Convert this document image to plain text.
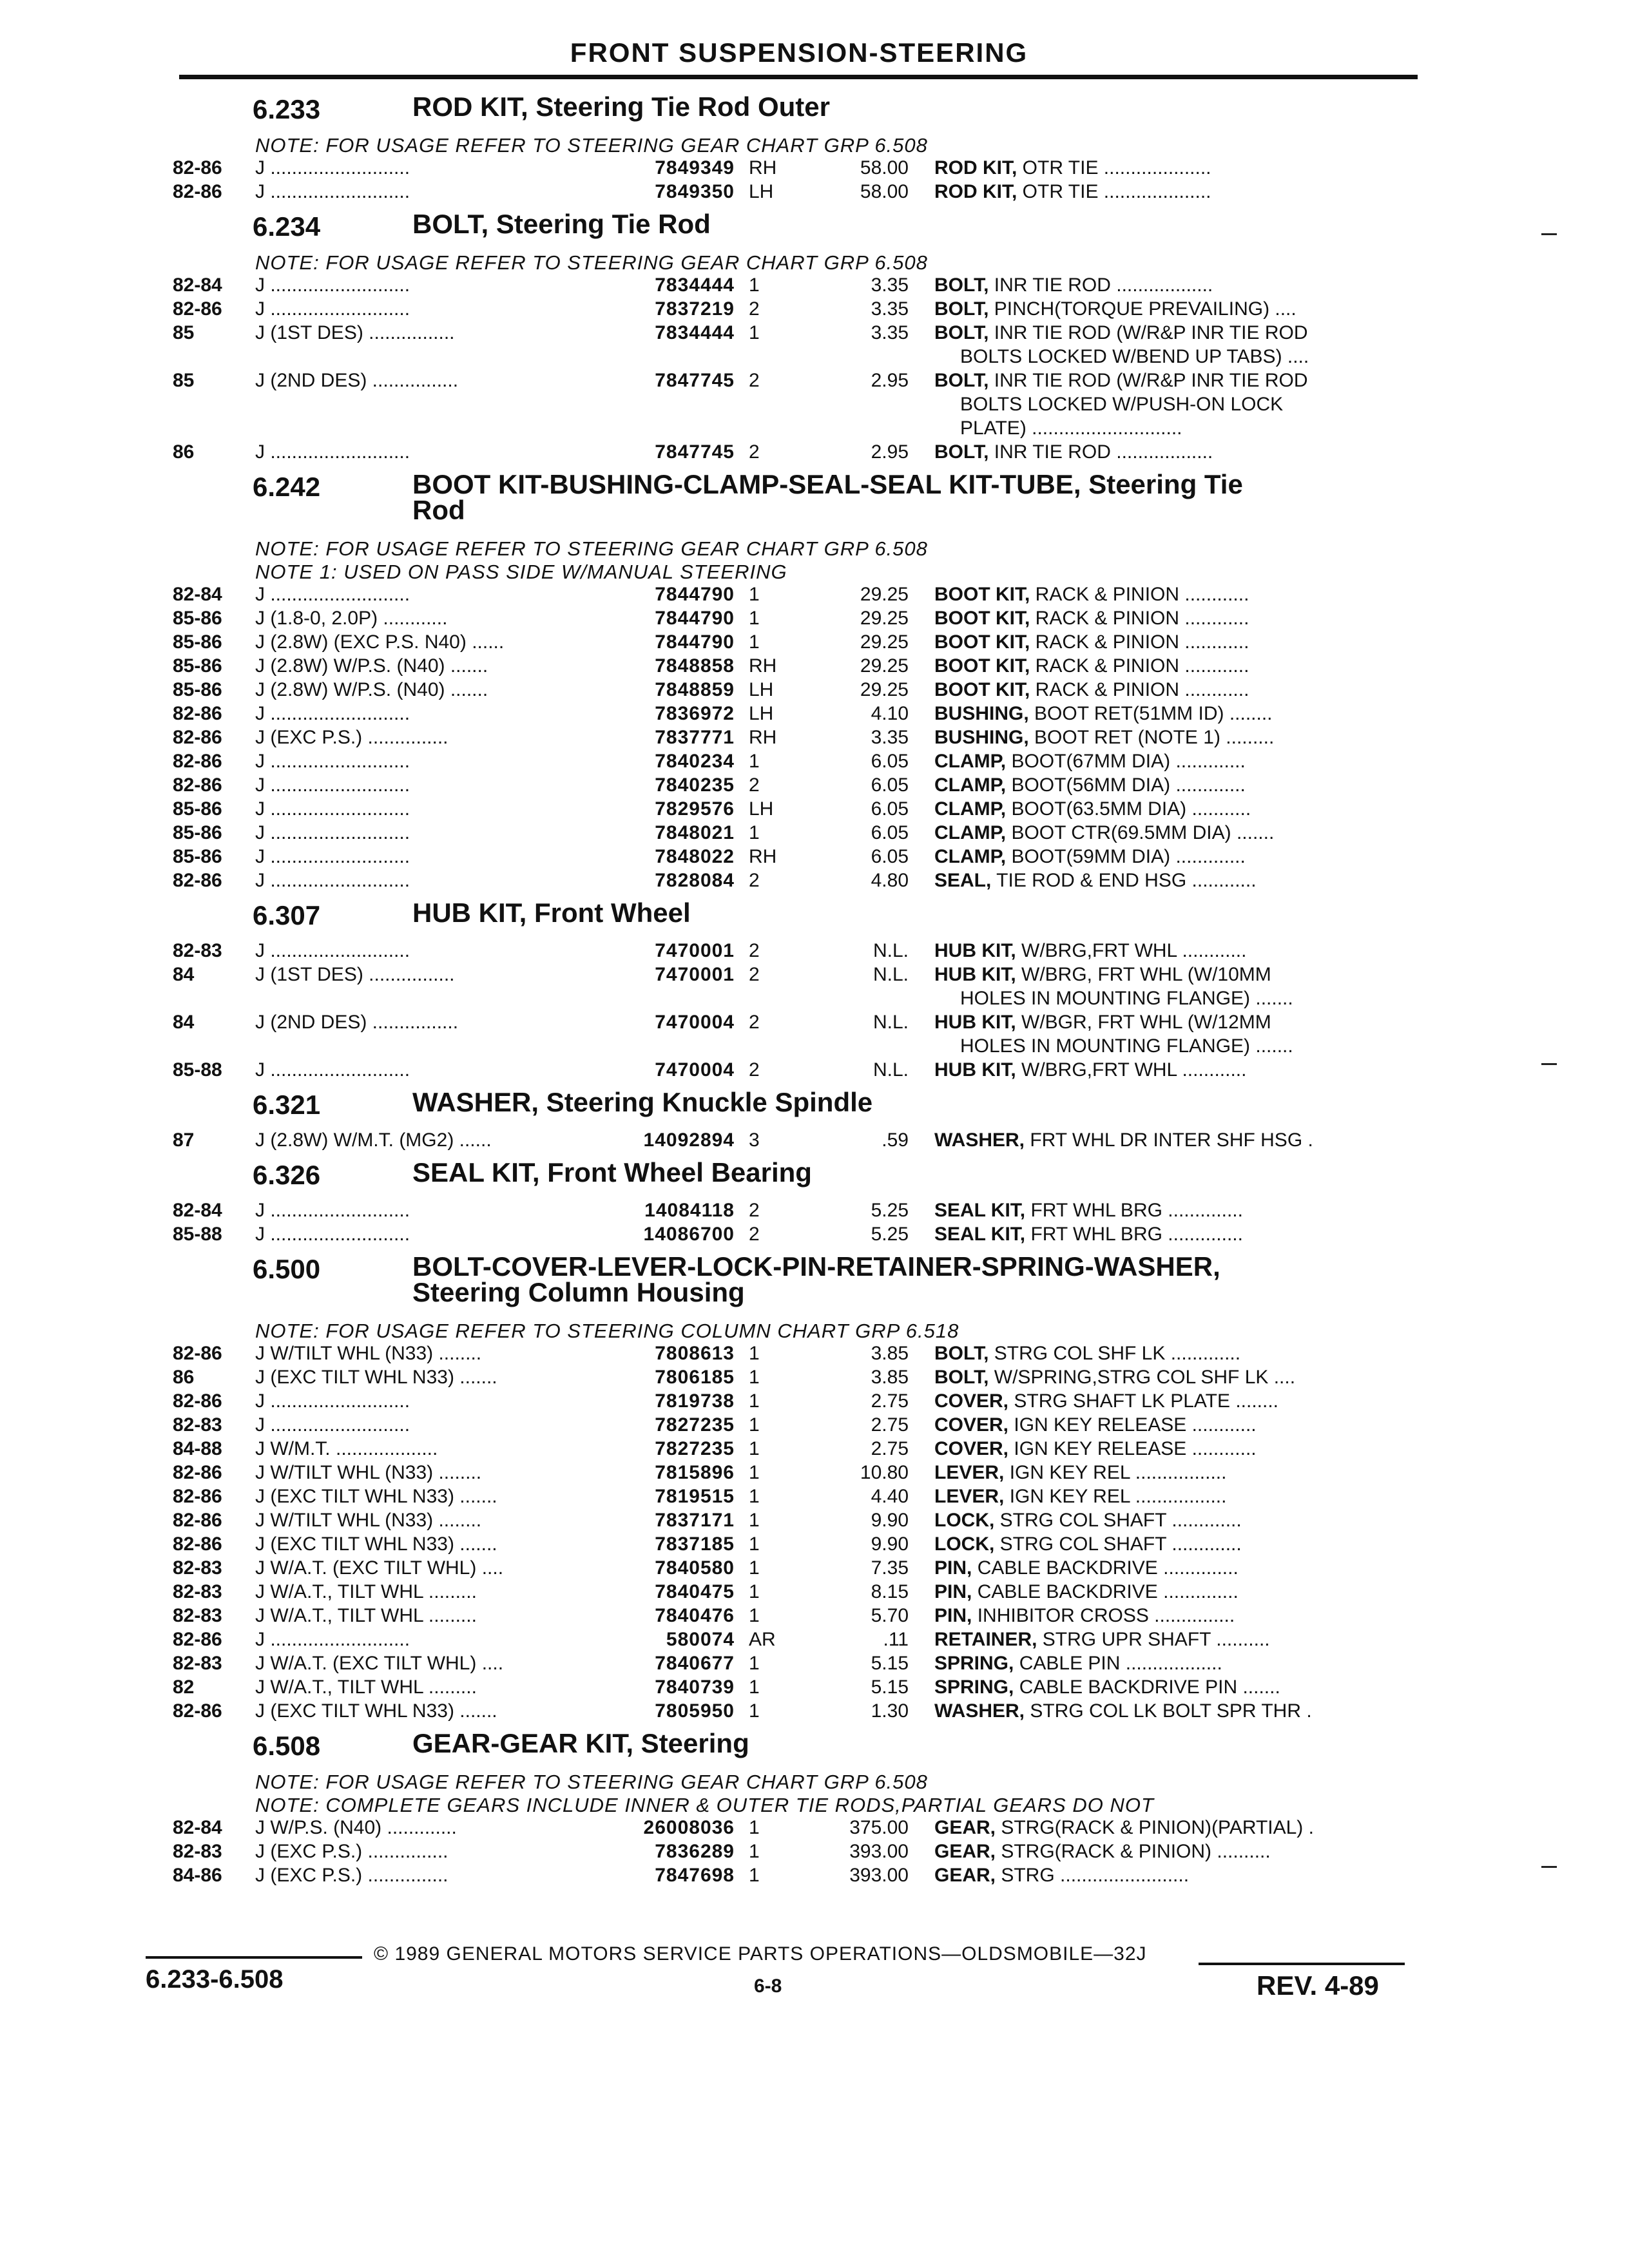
FRONT SUSPENSION-STEERING
6.233	ROD KIT, Steering Tie Rod Outer
NOTE: FOR USAGE REFER TO STEERING GEAR CHART GRP 6.508
82-86 J ..........................	7849349 RH	58.00 ROD KIT, OTR TIE ....................
82-86 J ..........................	7849350 LH	58.00 ROD KIT, OTR TIE ....................
6.234	BOLT, Steering Tie Rod
NOTE: FOR USAGE REFER TO STEERING GEAR CHART GRP 6.508
82-84 J ..........................	7834444 1	3.35 BOLT, INR TIE ROD ..................
82-86 J ..........................	7837219 2	3.35 BOLT, PINCH(TORQUE PREVAILING) ....
85	J (1ST DES) ................	7834444 1	3.35 BOLT, INR TIE ROD (W/R&P INR TIE ROD
BOLTS LOCKED W/BEND UP TABS) ....
85	J (2ND DES) ................	7847745 2	2.95 BOLT, INR TIE ROD (W/R&P INR TIE ROD
BOLTS LOCKED W/PUSH-ON LOCK
PLATE) ............................
86	J ..........................	7847745 2	2.95 BOLT, INR TIE ROD ..................
6.242	BOOT KIT-BUSHING-CLAMP-SEAL-SEAL KIT-TUBE, Steering Tie
Rod
NOTE: FOR USAGE REFER TO STEERING GEAR CHART GRP 6.508
NOTE 1: USED ON PASS SIDE W/MANUAL STEERING
82-84 J ..........................	7844790 1	29.25 BOOT KIT, RACK & PINION ............
85-86 J (1.8-0, 2.0P) ............	7844790 1	29.25 BOOT KIT, RACK & PINION ............
85-86 J (2.8W) (EXC P.S. N40) ......	7844790 1	29.25 BOOT KIT, RACK & PINION ............
85-86 J (2.8W) W/P.S. (N40) .......	7848858 RH	29.25 BOOT KIT, RACK & PINION ............
85-86 J (2.8W) W/P.S. (N40) .......	7848859 LH	29.25 BOOT KIT, RACK & PINION ............
82-86 J ..........................	7836972 LH	4.10 BUSHING, BOOT RET(51MM ID) ........
82-86 J (EXC P.S.) ...............	7837771 RH	3.35 BUSHING, BOOT RET (NOTE 1) .........
82-86 J ..........................	7840234 1	6.05 CLAMP, BOOT(67MM DIA) .............
82-86 J ..........................	7840235 2	6.05 CLAMP, BOOT(56MM DIA) .............
85-86 J ..........................	7829576 LH	6.05 CLAMP, BOOT(63.5MM DIA) ...........
85-86 J ..........................	7848021 1	6.05 CLAMP, BOOT CTR(69.5MM DIA) .......
85-86 J ..........................	7848022 RH	6.05 CLAMP, BOOT(59MM DIA) .............
82-86 J ..........................	7828084 2	4.80 SEAL, TIE ROD & END HSG ............
6.307	HUB KIT, Front Wheel
82-83 J ..........................	7470001 2	N.L. HUB KIT, W/BRG,FRT WHL ............
84	J (1ST DES) ................	7470001 2	N.L. HUB KIT, W/BRG, FRT WHL (W/10MM
HOLES IN MOUNTING FLANGE) .......
84	J (2ND DES) ................	7470004 2	N.L. HUB KIT, W/BGR, FRT WHL (W/12MM
HOLES IN MOUNTING FLANGE) .......
85-88 J ..........................	7470004 2	N.L. HUB KIT, W/BRG,FRT WHL ............
6.321	WASHER, Steering Knuckle Spindle
87	J (2.8W) W/M.T. (MG2) ......	14092894 3	.59 WASHER, FRT WHL DR INTER SHF HSG .
6.326	SEAL KIT, Front Wheel Bearing
82-84 J ..........................	14084118 2	5.25 SEAL KIT, FRT WHL BRG ..............
85-88 J ..........................	14086700 2	5.25 SEAL KIT, FRT WHL BRG ..............
6.500	BOLT-COVER-LEVER-LOCK-PIN-RETAINER-SPRING-WASHER,
Steering Column Housing
NOTE: FOR USAGE REFER TO STEERING COLUMN CHART GRP 6.518
82-86 J W/TILT WHL (N33) ........	7808613 1	3.85 BOLT, STRG COL SHF LK .............
86	J (EXC TILT WHL N33) .......	7806185 1	3.85 BOLT, W/SPRING,STRG COL SHF LK ....
82-86 J ..........................	7819738 1	2.75 COVER, STRG SHAFT LK PLATE ........
82-83 J ..........................	7827235 1	2.75 COVER, IGN KEY RELEASE ............
84-88 J W/M.T. ...................	7827235 1	2.75 COVER, IGN KEY RELEASE ............
82-86 J W/TILT WHL (N33) ........	7815896 1	10.80 LEVER, IGN KEY REL .................
82-86 J (EXC TILT WHL N33) .......	7819515 1	4.40 LEVER, IGN KEY REL .................
82-86 J W/TILT WHL (N33) ........	7837171 1	9.90 LOCK, STRG COL SHAFT .............
82-86 J (EXC TILT WHL N33) .......	7837185 1	9.90 LOCK, STRG COL SHAFT .............
82-83 J W/A.T. (EXC TILT WHL) ....	7840580 1	7.35 PIN, CABLE BACKDRIVE ..............
82-83 J W/A.T., TILT WHL .........	7840475 1	8.15 PIN, CABLE BACKDRIVE ..............
82-83 J W/A.T., TILT WHL .........	7840476 1	5.70 PIN, INHIBITOR CROSS ...............
82-86 J ..........................	580074 AR	.11 RETAINER, STRG UPR SHAFT ..........
82-83 J W/A.T. (EXC TILT WHL) ....	7840677 1	5.15 SPRING, CABLE PIN ..................
82	J W/A.T., TILT WHL .........	7840739 1	5.15 SPRING, CABLE BACKDRIVE PIN .......
82-86 J (EXC TILT WHL N33) .......	7805950 1	1.30 WASHER, STRG COL LK BOLT SPR THR .
6.508	GEAR-GEAR KIT, Steering
NOTE: FOR USAGE REFER TO STEERING GEAR CHART GRP 6.508
NOTE: COMPLETE GEARS INCLUDE INNER & OUTER TIE RODS,PARTIAL GEARS DO NOT
82-84 J W/P.S. (N40) .............	26008036 1	375.00 GEAR, STRG(RACK & PINION)(PARTIAL) .
82-83 J (EXC P.S.) ...............	7836289 1	393.00 GEAR, STRG(RACK & PINION) ..........
84-86 J (EXC P.S.) ...............	7847698 1	393.00 GEAR, STRG ........................
© 1989 GENERAL MOTORS SERVICE PARTS OPERATIONS—OLDSMOBILE—32J
6.233-6.508	6-8	REV. 4-89
